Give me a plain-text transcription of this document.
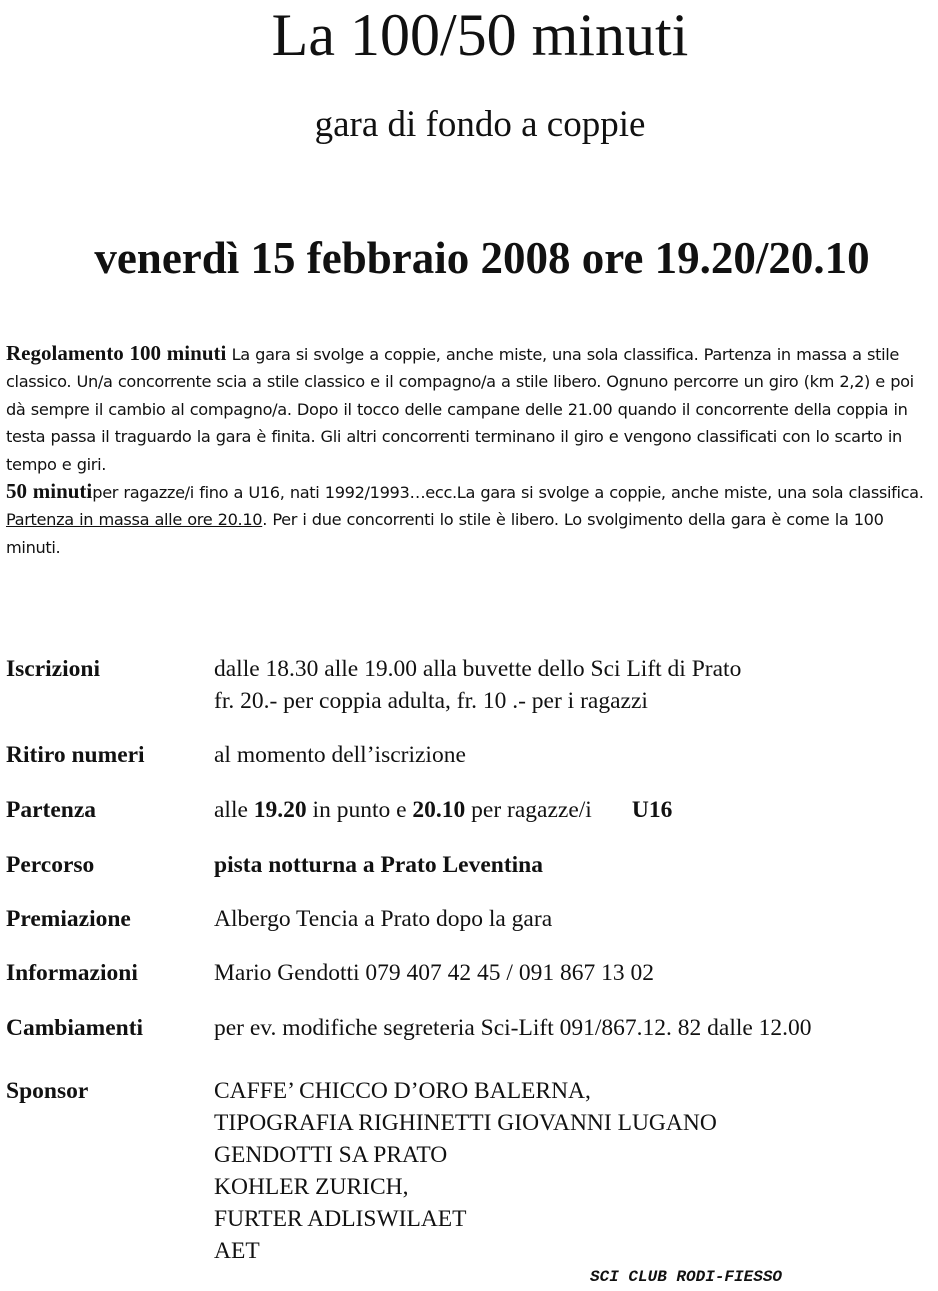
La 100/50 minuti
gara di fondo a coppie
venerdì 15 febbraio 2008 ore 19.20/20.10

Regolamento 100 minuti La gara si svolge a coppie, anche miste, una sola classifica. Partenza in massa a stile classico. Un/a concorrente scia a stile classico e il compagno/a a stile libero. Ognuno percorre un giro (km 2,2) e poi dà sempre il cambio al compagno/a. Dopo il tocco delle campane delle 21.00 quando il concorrente della coppia in testa passa il traguardo la gara è finita. Gli altri concorrenti terminano il giro e vengono classificati con lo scarto in tempo e giri.

50 minutiper ragazze/i fino a U16, nati 1992/1993…ecc.La gara si svolge a coppie, anche miste, una sola classifica.

Partenza in massa alle ore 20.10. Per i due concorrenti lo stile è libero. Lo svolgimento della gara è come la 100 minuti.

Iscrizioni	dalle 18.30 alle 19.00 alla buvette dello Sci Lift di Prato
fr. 20.- per coppia adulta, fr. 10 .- per i ragazzi
Ritiro numeri	al momento dell’iscrizione
Partenza	alle 19.20 in punto e 20.10 per ragazze/i U16
Percorso	pista notturna a Prato Leventina
Premiazione	Albergo Tencia a Prato dopo la gara
Informazioni	Mario Gendotti 079 407 42 45 / 091 867 13 02
Cambiamenti	per ev. modifiche segreteria Sci-Lift 091/867.12. 82 dalle 12.00
Sponsor	CAFFE’ CHICCO D’ORO BALERNA,
TIPOGRAFIA RIGHINETTI GIOVANNI LUGANO
GENDOTTI SA PRATO
KOHLER ZURICH,
FURTER ADLISWILAET
AET
SCI CLUB RODI-FIESSO
